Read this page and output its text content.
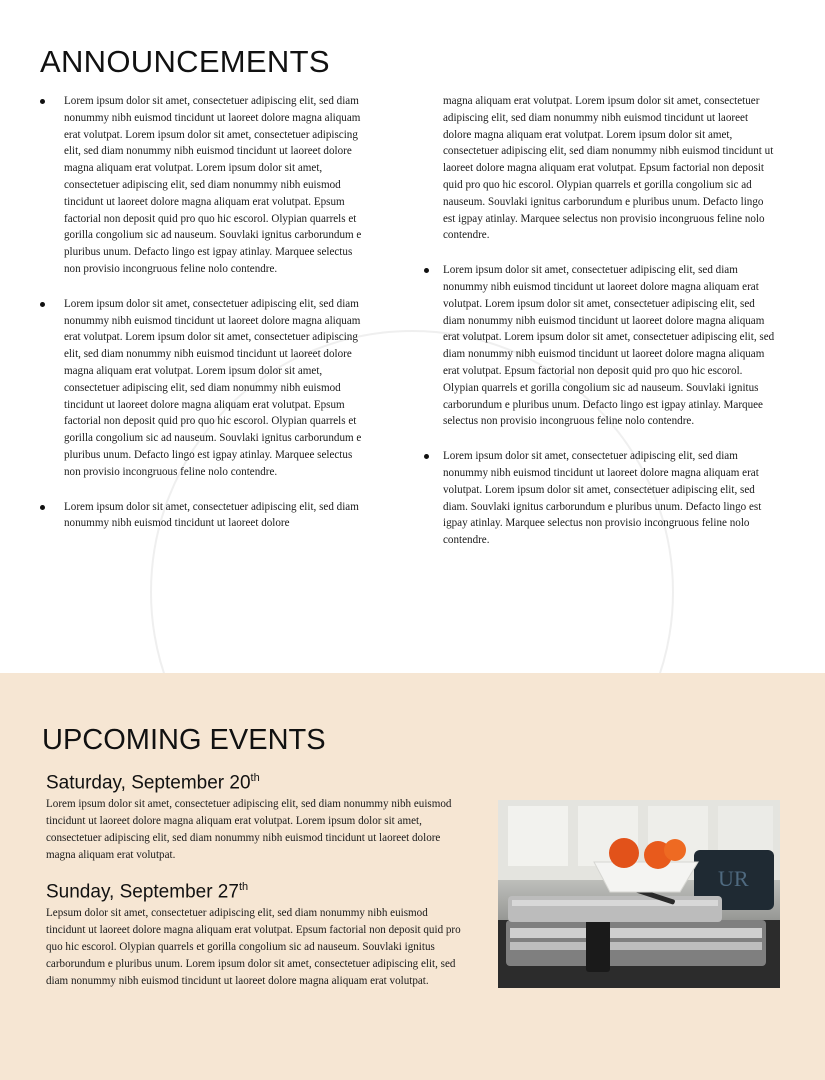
ANNOUNCEMENTS
Lorem ipsum dolor sit amet, consectetuer adipiscing elit, sed diam nonummy nibh euismod tincidunt ut laoreet dolore magna aliquam erat volutpat. Lorem ipsum dolor sit amet, consectetuer adipiscing elit, sed diam nonummy nibh euismod tincidunt ut laoreet dolore magna aliquam erat volutpat. Lorem ipsum dolor sit amet, consectetuer adipiscing elit, sed diam nonummy nibh euismod tincidunt ut laoreet dolore magna aliquam erat volutpat. Epsum factorial non deposit quid pro quo hic escorol. Olypian quarrels et gorilla congolium sic ad nauseum. Souvlaki ignitus carborundum e pluribus unum. Defacto lingo est igpay atinlay. Marquee selectus non provisio incongruous feline nolo contendre.
Lorem ipsum dolor sit amet, consectetuer adipiscing elit, sed diam nonummy nibh euismod tincidunt ut laoreet dolore magna aliquam erat volutpat. Lorem ipsum dolor sit amet, consectetuer adipiscing elit, sed diam nonummy nibh euismod tincidunt ut laoreet dolore magna aliquam erat volutpat. Lorem ipsum dolor sit amet, consectetuer adipiscing elit, sed diam nonummy nibh euismod tincidunt ut laoreet dolore magna aliquam erat volutpat. Epsum factorial non deposit quid pro quo hic escorol. Olypian quarrels et gorilla congolium sic ad nauseum. Souvlaki ignitus carborundum e pluribus unum. Defacto lingo est igpay atinlay. Marquee selectus non provisio incongruous feline nolo contendre.
Lorem ipsum dolor sit amet, consectetuer adipiscing elit, sed diam nonummy nibh euismod tincidunt ut laoreet dolore
magna aliquam erat volutpat. Lorem ipsum dolor sit amet, consectetuer adipiscing elit, sed diam nonummy nibh euismod tincidunt ut laoreet dolore magna aliquam erat volutpat. Lorem ipsum dolor sit amet, consectetuer adipiscing elit, sed diam nonummy nibh euismod tincidunt ut laoreet dolore magna aliquam erat volutpat. Epsum factorial non deposit quid pro quo hic escorol. Olypian quarrels et gorilla congolium sic ad nauseum. Souvlaki ignitus carborundum e pluribus unum. Defacto lingo est igpay atinlay. Marquee selectus non provisio incongruous feline nolo contendre.
Lorem ipsum dolor sit amet, consectetuer adipiscing elit, sed diam nonummy nibh euismod tincidunt ut laoreet dolore magna aliquam erat volutpat. Lorem ipsum dolor sit amet, consectetuer adipiscing elit, sed diam nonummy nibh euismod tincidunt ut laoreet dolore magna aliquam erat volutpat. Lorem ipsum dolor sit amet, consectetuer adipiscing elit, sed diam nonummy nibh euismod tincidunt ut laoreet dolore magna aliquam erat volutpat. Epsum factorial non deposit quid pro quo hic escorol. Olypian quarrels et gorilla congolium sic ad nauseum. Souvlaki ignitus carborundum e pluribus unum. Defacto lingo est igpay atinlay. Marquee selectus non provisio incongruous feline nolo contendre.
Lorem ipsum dolor sit amet, consectetuer adipiscing elit, sed diam nonummy nibh euismod tincidunt ut laoreet dolore magna aliquam erat volutpat. Lorem ipsum dolor sit amet, consectetuer adipiscing elit, sed diam. Souvlaki ignitus carborundum e pluribus unum. Defacto lingo est igpay atinlay. Marquee selectus non provisio incongruous feline nolo contendre.
UPCOMING EVENTS
Saturday, September 20th

Lorem ipsum dolor sit amet, consectetuer adipiscing elit, sed diam nonummy nibh euismod tincidunt ut laoreet dolore magna aliquam erat volutpat. Lorem ipsum dolor sit amet, consectetuer adipiscing elit, sed diam nonummy nibh euismod tincidunt ut laoreet dolore magna aliquam erat volutpat.

Sunday, September 27th

Lepsum dolor sit amet, consectetuer adipiscing elit, sed diam nonummy nibh euismod tincidunt ut laoreet dolore magna aliquam erat volutpat. Epsum factorial non deposit quid pro quo hic escorol. Olypian quarrels et gorilla congolium sic ad nauseum. Souvlaki ignitus carborundum e pluribus unum. Lorem ipsum dolor sit amet, consectetuer adipiscing elit, sed diam nonummy nibh euismod tincidunt ut laoreet dolore magna aliquam erat volutpat.

UR
